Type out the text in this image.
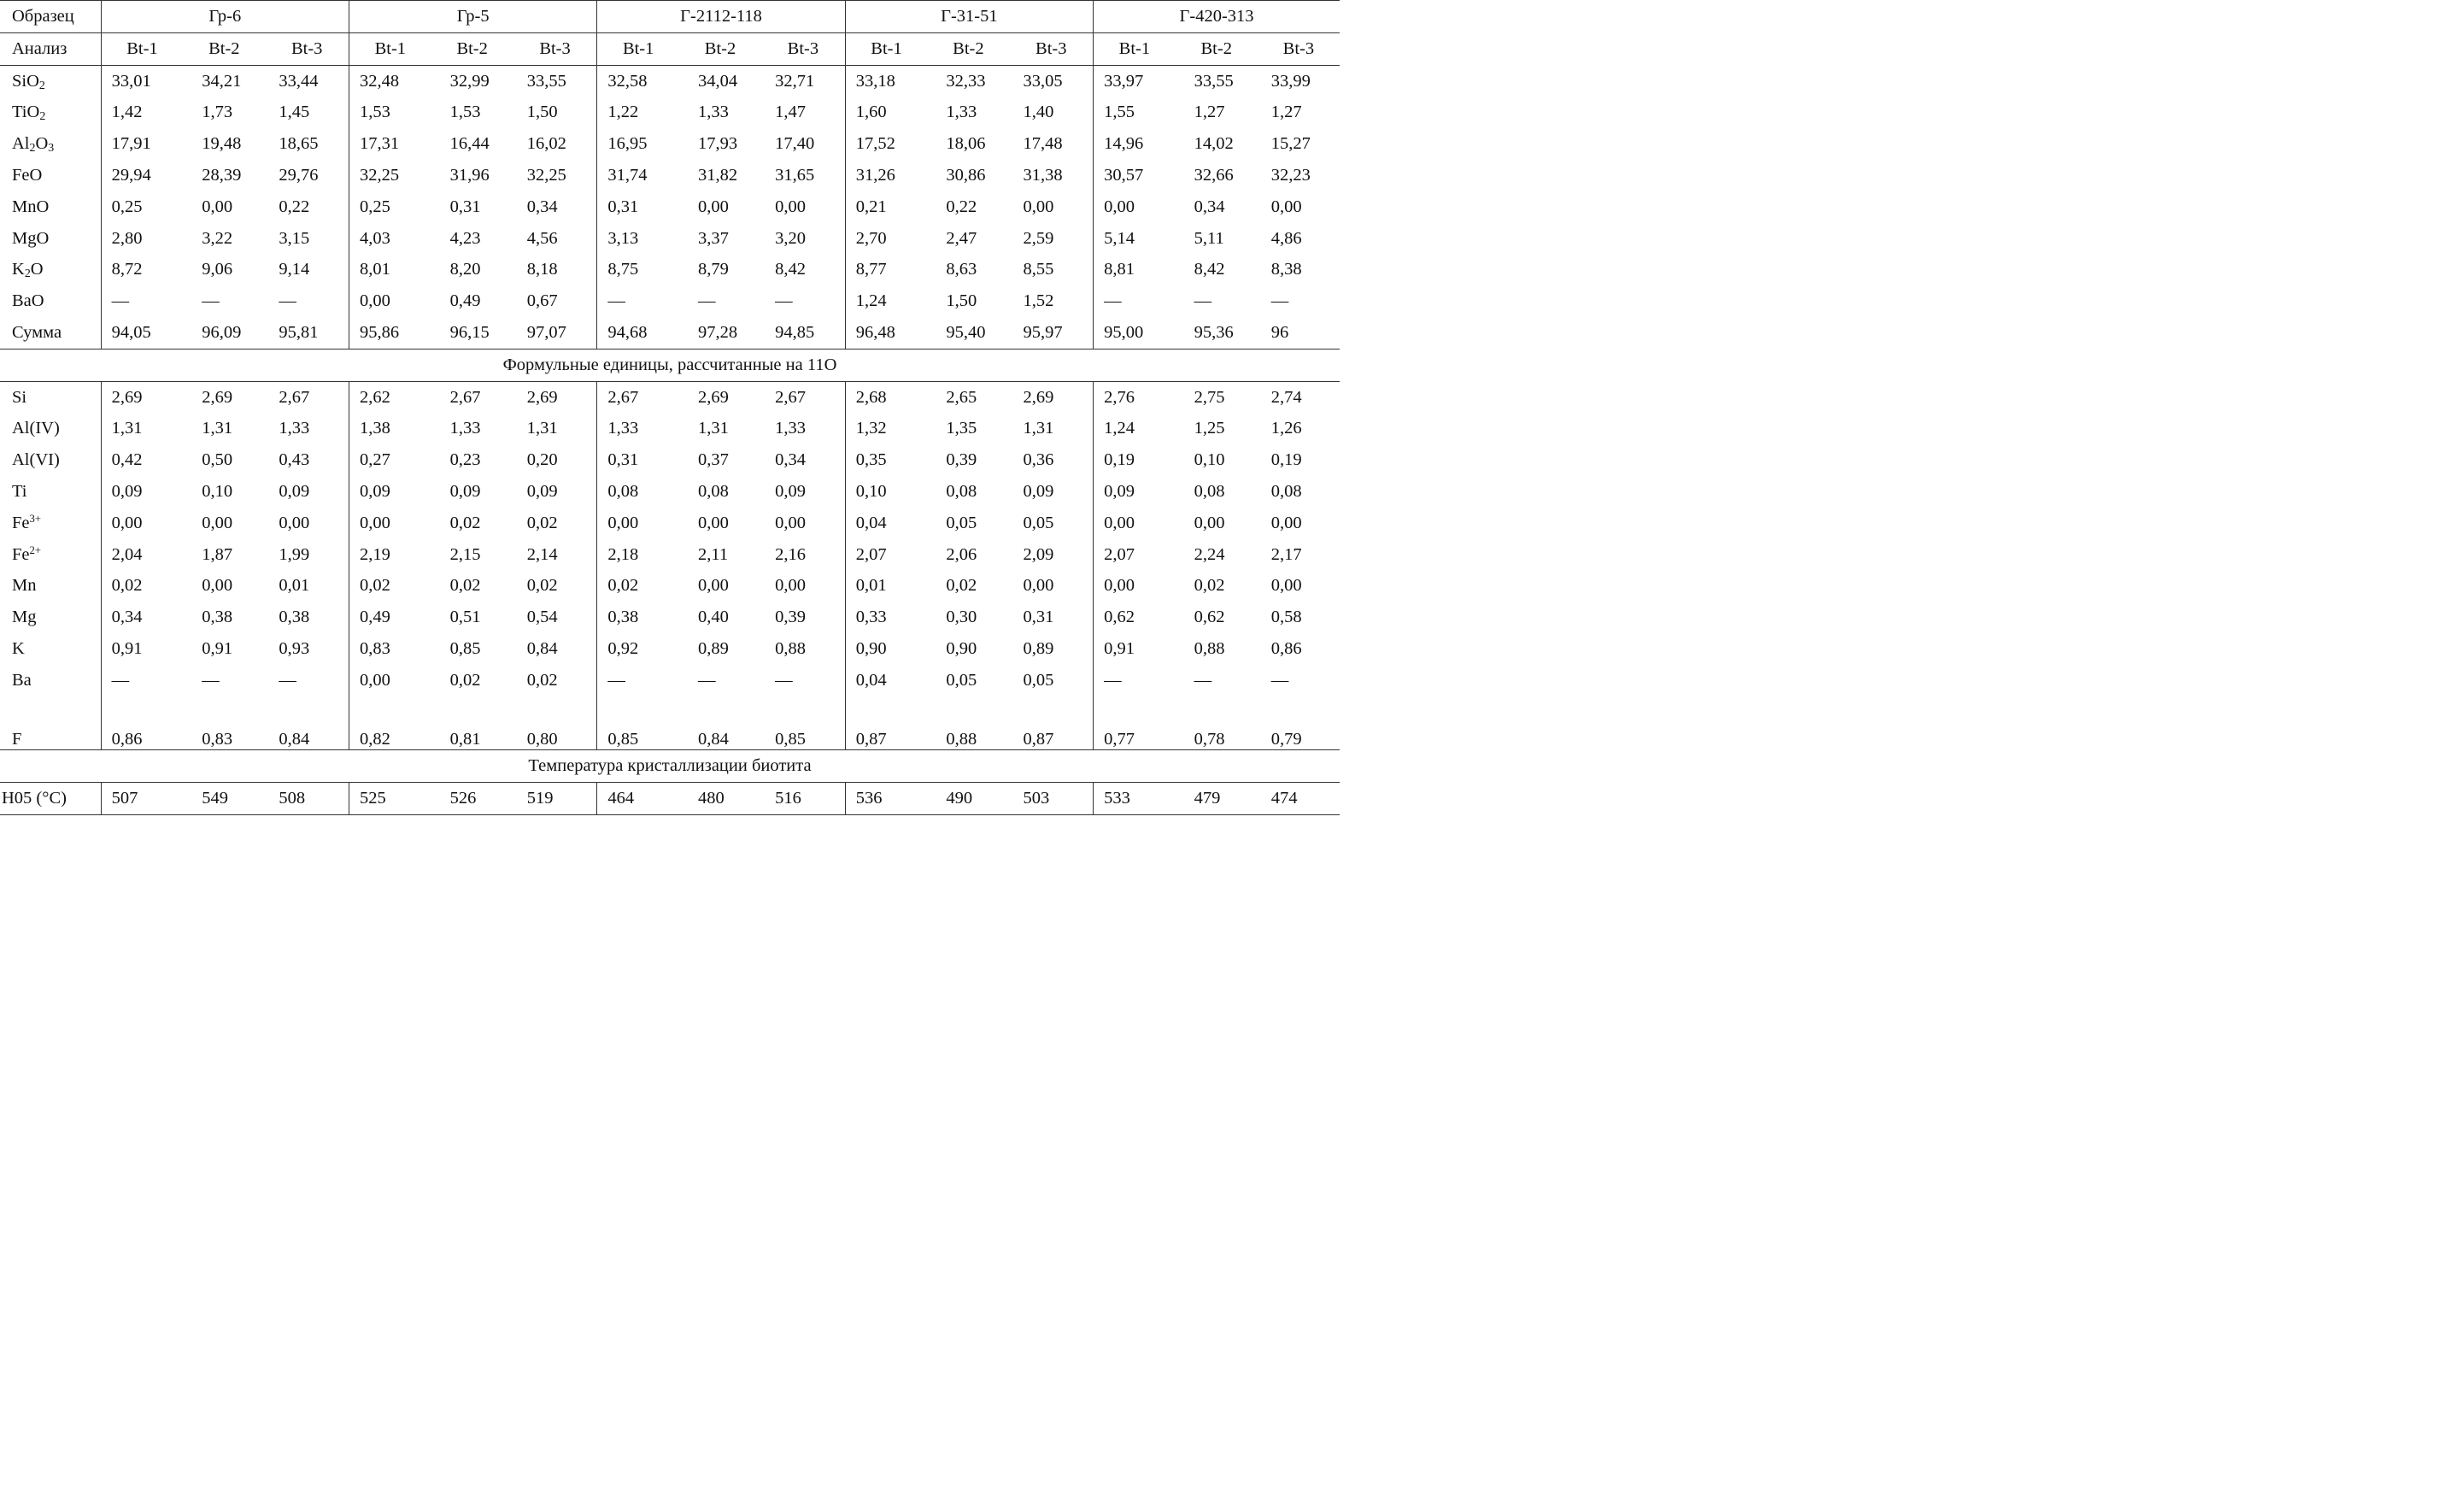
Образец	Гр-6			Гр-5			Г-2112-118			Г-31-51			Г-420-313		
Анализ	Bt-1	Bt-2	Bt-3	Bt-1	Bt-2	Bt-3	Bt-1	Bt-2	Bt-3	Bt-1	Bt-2	Bt-3	Bt-1	Bt-2	Bt-3
SiO$_2$	33,01	34,21	33,44	32,48	32,99	33,55	32,58	34,04	32,71	33,18	32,33	33,05	33,97	33,55	33,99
TiO$_2$	1,42	1,73	1,45	1,53	1,53	1,50	1,22	1,33	1,47	1,60	1,33	1,40	1,55	1,27	1,27
$Al_2O_3$	17,91	19,48	18,65	17,31	16,44	16,02	16,95	17,93	17,40	17,52	18,06	17,48	14,96	14,02	15,27
FeO	29,94	28,39	29,76	32,25	31,96	32,25	31,74	31,82	31,65	31,26	30,86	31,38	30,57	32,66	32,23
MnO	0,25	0,00	0,22	0,25	0,31	0,34	0,31	0,00	0,00	0,21	0,22	0,00	0,00	0,34	0,00
MgO	2,80	3,22	3,15	4,03	4,23	4,56	3,13	3,37	3,20	2,70	2,47	2,59	5,14	5,11	4,86
$K_2O$	8,72	9,06	9,14	8,01	8,20	8,18	8,75	8,79	8,42	8,77	8,63	8,55	8,81	8,42	8,38
BaO	—	—	—	0,00	0,49	0,67	—	—	—	1,24	1,50	1,52	—	—	—
Сумма	94,05	96,09	95,81	95,86	96,15	97,07	94,68	97,28	94,85	96,48	95,40	95,97	95,00	95,36	96
Формульные единицы, рассчитанные на 11O															
Si	2,69	2,69	2,67	2,62	2,67	2,69	2,67	2,69	2,67	2,68	2,65	2,69	2,76	2,75	2,74
Al(IV)	1,31	1,31	1,33	1,38	1,33	1,31	1,33	1,31	1,33	1,32	1,35	1,31	1,24	1,25	1,26
Al(VI)	0,42	0,50	0,43	0,27	0,23	0,20	0,31	0,37	0,34	0,35	0,39	0,36	0,19	0,10	0,19
Ti	0,09	0,10	0,09	0,09	0,09	0,09	0,08	0,08	0,09	0,10	0,08	0,09	0,09	0,08	0,08
$Fe^{3+}$	0,00	0,00	0,00	0,00	0,02	0,02	0,00	0,00	0,00	0,04	0,05	0,05	0,00	0,00	0,00
$Fe^{2+}$	2,04	1,87	1,99	2,19	2,15	2,14	2,18	2,11	2,16	2,07	2,06	2,09	2,07	2,24	2,17
Mn	0,02	0,00	0,01	0,02	0,02	0,02	0,02	0,00	0,00	0,01	0,02	0,00	0,00	0,02	0,00
Mg	0,34	0,38	0,38	0,49	0,51	0,54	0,38	0,40	0,39	0,33	0,30	0,31	0,62	0,62	0,58
K	0,91	0,91	0,93	0,83	0,85	0,84	0,92	0,89	0,88	0,90	0,90	0,89	0,91	0,88	0,86
Ba	—	—	—	0,00	0,02	0,02	—	—	—	0,04	0,05	0,05	—	—	—
F	0,86	0,83	0,84	0,82	0,81	0,80	0,85	0,84	0,85	0,87	0,88	0,87	0,77	0,78	0,79
Температура кристаллизации биотита															
H05 (°C)	507	549	508	525	526	519	464	480	516	536	490	503	533	479	474
